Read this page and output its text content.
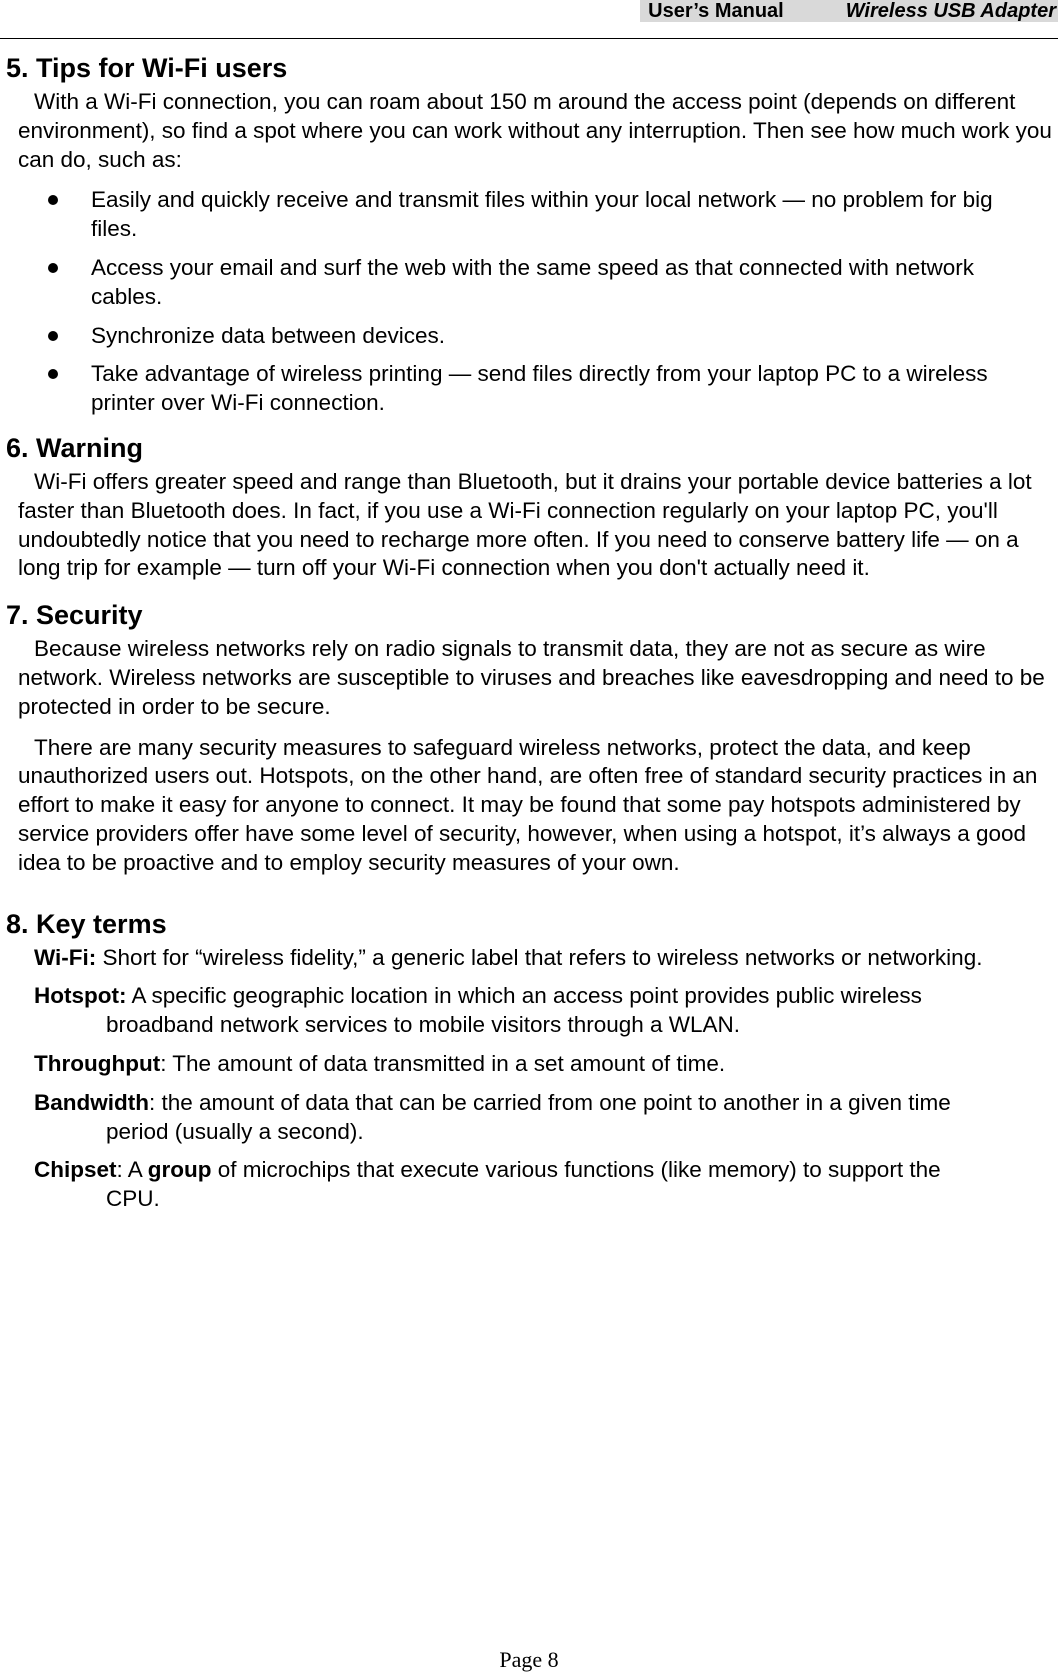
User’s Manual	Wireless USB Adapter
5. Tips for Wi-Fi users

With a Wi-Fi connection, you can roam about 150 m around the access point (depends on different environment), so find a spot where you can work without any interruption. Then see how much work you can do, such as:

Easily and quickly receive and transmit files within your local network — no problem for big files.
Access your email and surf the web with the same speed as that connected with network cables.
Synchronize data between devices.
Take advantage of wireless printing — send files directly from your laptop PC to a wireless printer over Wi-Fi connection.
6. Warning

Wi-Fi offers greater speed and range than Bluetooth, but it drains your portable device batteries a lot faster than Bluetooth does. In fact, if you use a Wi-Fi connection regularly on your laptop PC, you'll undoubtedly notice that you need to recharge more often. If you need to conserve battery life — on a long trip for example — turn off your Wi-Fi connection when you don't actually need it.

7. Security

Because wireless networks rely on radio signals to transmit data, they are not as secure as wire network. Wireless networks are susceptible to viruses and breaches like eavesdropping and need to be protected in order to be secure.

There are many security measures to safeguard wireless networks, protect the data, and keep unauthorized users out. Hotspots, on the other hand, are often free of standard security practices in an effort to make it easy for anyone to connect. It may be found that some pay hotspots administered by service providers offer have some level of security, however, when using a hotspot, it’s always a good idea to be proactive and to employ security measures of your own.

8. Key terms
Wi-Fi: Short for “wireless fidelity,” a generic label that refers to wireless networks or networking.
Hotspot: A specific geographic location in which an access point provides public wireless broadband network services to mobile visitors through a WLAN.
Throughput: The amount of data transmitted in a set amount of time.
Bandwidth: the amount of data that can be carried from one point to another in a given time period (usually a second).
Chipset: A group of microchips that execute various functions (like memory) to support the CPU.
Page 8
